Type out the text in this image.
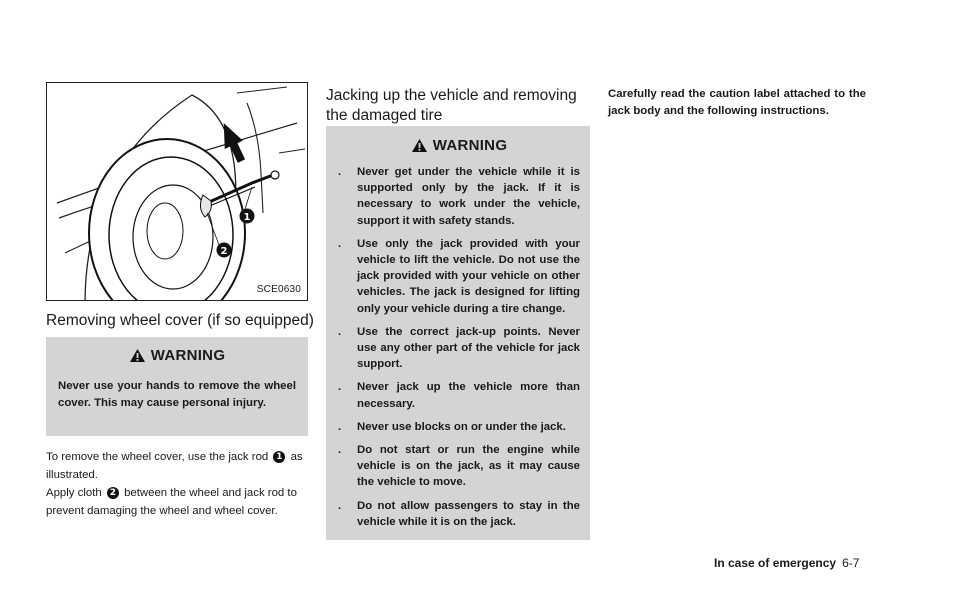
1
2
SCE0630
Removing wheel cover (if so equipped)
WARNING

Never use your hands to remove the wheel cover. This may cause personal injury.

To remove the wheel cover, use the jack rod 1 as illustrated.
Apply cloth 2 between the wheel and jack rod to prevent damaging the wheel and wheel cover.
Jacking up the vehicle and removing the damaged tire
WARNING
. Never get under the vehicle while it is supported only by the jack. If it is necessary to work under the vehicle, support it with safety stands.
. Use only the jack provided with your vehicle to lift the vehicle. Do not use the jack provided with your vehicle on other vehicles. The jack is designed for lifting only your vehicle during a tire change.
. Use the correct jack-up points. Never use any other part of the vehicle for jack support.
. Never jack up the vehicle more than necessary.
. Never use blocks on or under the jack.
. Do not start or run the engine while vehicle is on the jack, as it may cause the vehicle to move.
. Do not allow passengers to stay in the vehicle while it is on the jack.

Carefully read the caution label attached to the jack body and the following instructions.

In case of emergency 6-7
